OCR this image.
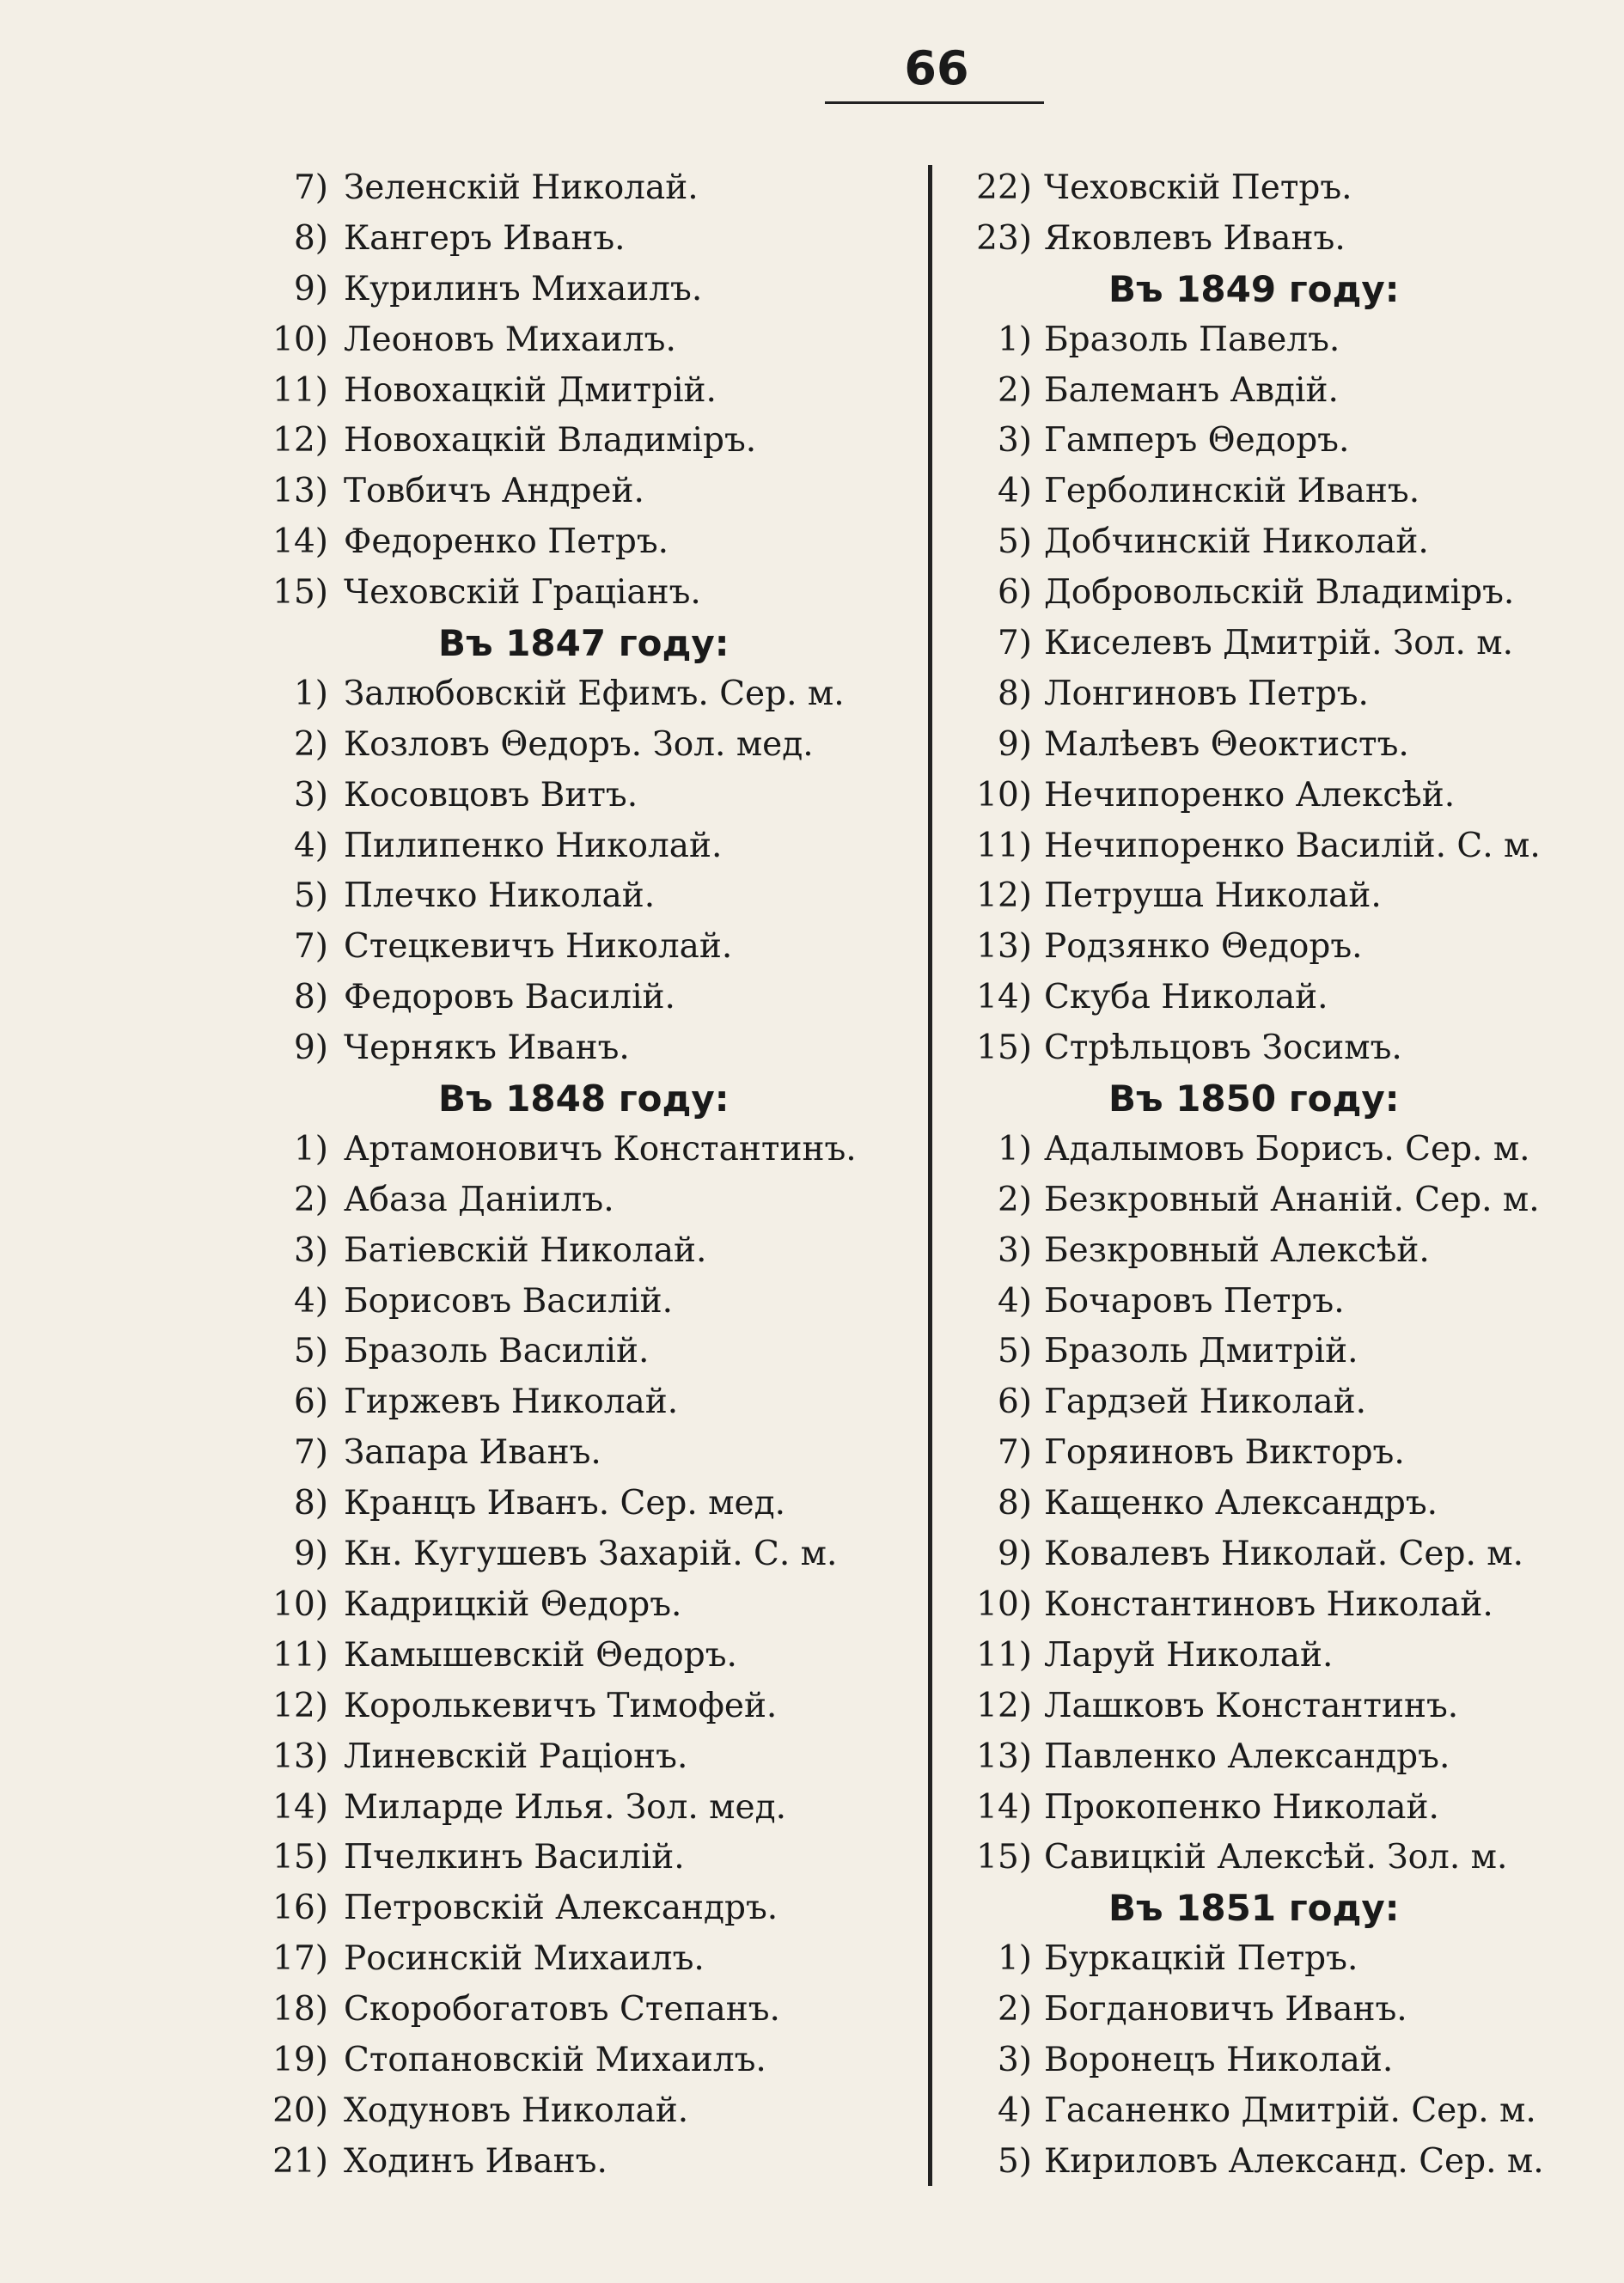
66
7) Зеленскій Николай.
8) Кангеръ Иванъ.
9) Курилинъ Михаилъ.
10) Леоновъ Михаилъ.
11) Новохацкій Дмитрій.
12) Новохацкій Владиміръ.
13) Товбичъ Андрей.
14) Федоренко Петръ.
15) Чеховскій Граціанъ.
Въ 1847 году:
1) Залюбовскій Ефимъ. Сер. м.
2) Козловъ Θедоръ. Зол. мед.
3) Косовцовъ Витъ.
4) Пилипенко Николай.
5) Плечко Николай.
7) Стецкевичъ Николай.
8) Федоровъ Василій.
9) Чернякъ Иванъ.
Въ 1848 году:
1) Артамоновичъ Константинъ.
2) Абаза Даніилъ.
3) Батіевскій Николай.
4) Борисовъ Василій.
5) Бразоль Василій.
6) Гиржевъ Николай.
7) Запара Иванъ.
8) Кранцъ Иванъ. Сер. мед.
9) Кн. Кугушевъ Захарій. С. м.
10) Кадрицкій Θедоръ.
11) Камышевскій Θедоръ.
12) Королькевичъ Тимофей.
13) Линевскій Раціонъ.
14) Миларде Илья. Зол. мед.
15) Пчелкинъ Василій.
16) Петровскій Александръ.
17) Росинскій Михаилъ.
18) Скоробогатовъ Степанъ.
19) Стопановскій Михаилъ.
20) Ходуновъ Николай.
21) Ходинъ Иванъ.
22) Чеховскій Петръ.
23) Яковлевъ Иванъ.
Въ 1849 году:
1) Бразоль Павелъ.
2) Балеманъ Авдій.
3) Гамперъ Θедоръ.
4) Герболинскій Иванъ.
5) Добчинскій Николай.
6) Добровольскій Владиміръ.
7) Киселевъ Дмитрій. Зол. м.
8) Лонгиновъ Петръ.
9) Малѣевъ Θеоктистъ.
10) Нечипоренко Алексѣй.
11) Нечипоренко Василій. С. м.
12) Петруша Николай.
13) Родзянко Θедоръ.
14) Скуба Николай.
15) Стрѣльцовъ Зосимъ.
Въ 1850 году:
1) Адалымовъ Борисъ. Сер. м.
2) Безкровный Ананій. Сер. м.
3) Безкровный Алексѣй.
4) Бочаровъ Петръ.
5) Бразоль Дмитрій.
6) Гардзей Николай.
7) Горяиновъ Викторъ.
8) Кащенко Александръ.
9) Ковалевъ Николай. Сер. м.
10) Константиновъ Николай.
11) Ларуй Николай.
12) Лашковъ Константинъ.
13) Павленко Александръ.
14) Прокопенко Николай.
15) Савицкій Алексѣй. Зол. м.
Въ 1851 году:
1) Буркацкій Петръ.
2) Богдановичъ Иванъ.
3) Воронецъ Николай.
4) Гасаненко Дмитрій. Сер. м.
5) Кириловъ Александ. Сер. м.
